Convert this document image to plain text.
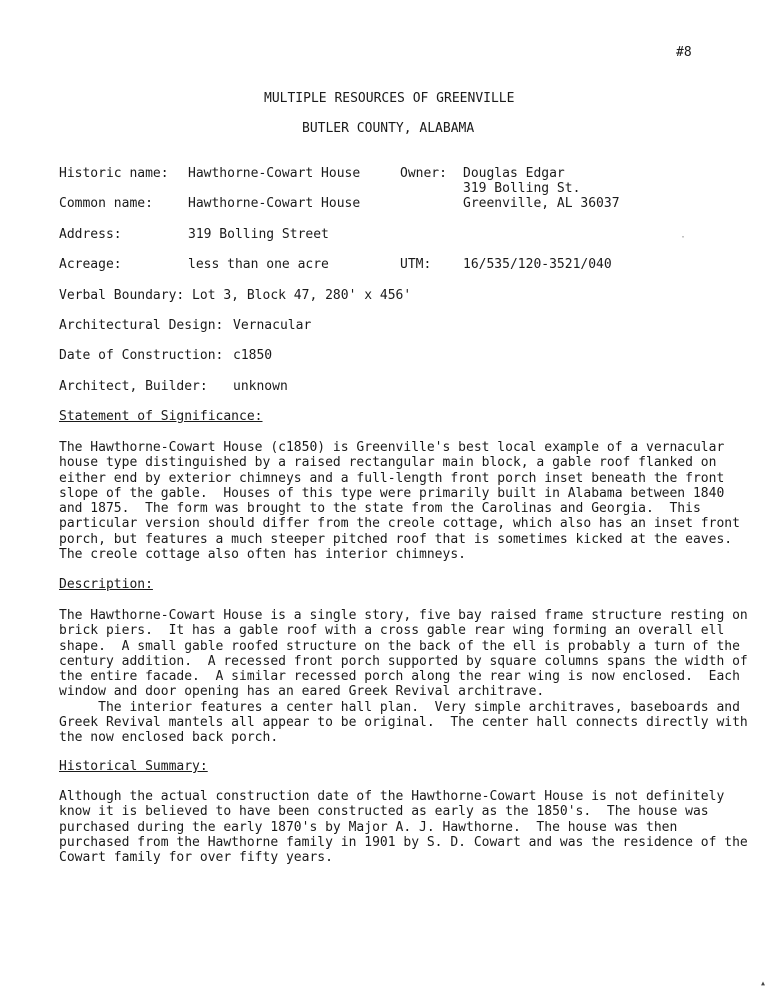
#8
MULTIPLE RESOURCES OF GREENVILLE
BUTLER COUNTY, ALABAMA
Historic name: Hawthorne-Cowart House	Owner: Douglas Edgar
319 Bolling St.
Greenville, AL 36037
Common name:	Hawthorne-Cowart House
Address:	319 Bolling Street
Acreage:	less than one acre	UTM: 16/535/120-3521/040
Verbal Boundary: Lot 3, Block 47, 280' x 456'
Architectural Design: Vernacular
Date of Construction: c1850
Architect, Builder: unknown
Statement of Significance:
The Hawthorne-Cowart House (c1850) is Greenville's best local example of a vernacular
house type distinguished by a raised rectangular main block, a gable roof flanked on
either end by exterior chimneys and a full-length front porch inset beneath the front
slope of the gable.  Houses of this type were primarily built in Alabama between 1840
and 1875.  The form was brought to the state from the Carolinas and Georgia.  This
particular version should differ from the creole cottage, which also has an inset front
porch, but features a much steeper pitched roof that is sometimes kicked at the eaves.
The creole cottage also often has interior chimneys.
Description:
The Hawthorne-Cowart House is a single story, five bay raised frame structure resting on
brick piers.  It has a gable roof with a cross gable rear wing forming an overall ell
shape.  A small gable roofed structure on the back of the ell is probably a turn of the
century addition.  A recessed front porch supported by square columns spans the width of
the entire facade.  A similar recessed porch along the rear wing is now enclosed.  Each
window and door opening has an eared Greek Revival architrave.
The interior features a center hall plan.  Very simple architraves, baseboards and
Greek Revival mantels all appear to be original.  The center hall connects directly with
the now enclosed back porch.
Historical Summary:
Although the actual construction date of the Hawthorne-Cowart House is not definitely
know it is believed to have been constructed as early as the 1850's.  The house was
purchased during the early 1870's by Major A. J. Hawthorne.  The house was then
purchased from the Hawthorne family in 1901 by S. D. Cowart and was the residence of the
Cowart family for over fifty years.
·
▴
